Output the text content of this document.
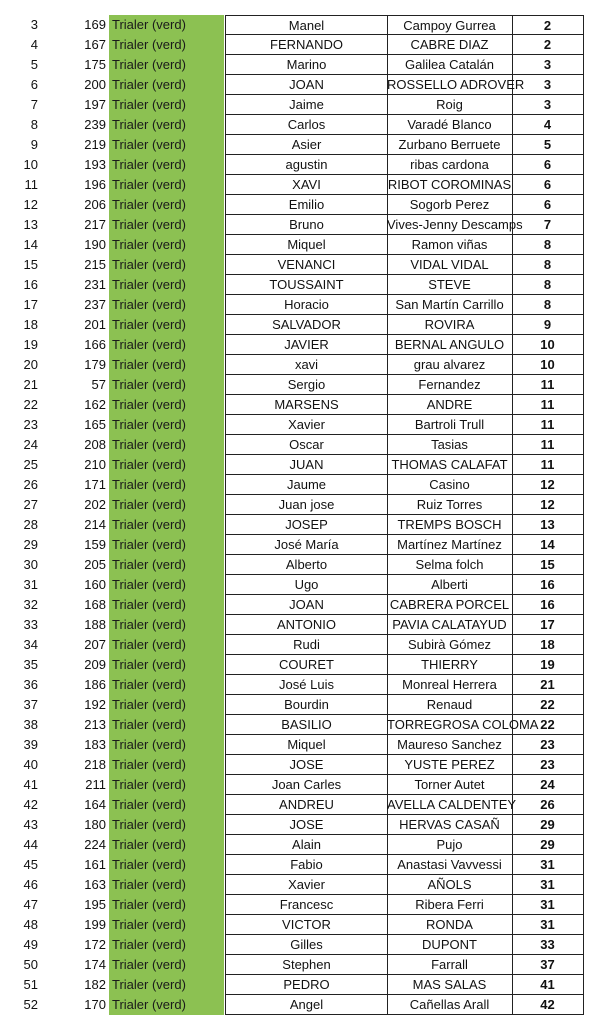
3	169 Trialer (verd)	Manel	Campoy Gurrea	2
4	167 Trialer (verd)	FERNANDO	CABRE DIAZ	2
5	175 Trialer (verd)	Marino	Galilea Catalán	3
6	200 Trialer (verd)	JOAN	ROSSELLO ADROVER	3
7	197 Trialer (verd)	Jaime	Roig	3
8	239 Trialer (verd)	Carlos	Varadé Blanco	4
9	219 Trialer (verd)	Asier	Zurbano Berruete	5
10	193 Trialer (verd)	agustin	ribas cardona	6
11	196 Trialer (verd)	XAVI	RIBOT COROMINAS	6
12	206 Trialer (verd)	Emilio	Sogorb Perez	6
13	217 Trialer (verd)	Bruno	Vives-Jenny Descamps	7
14	190 Trialer (verd)	Miquel	Ramon viñas	8
15	215 Trialer (verd)	VENANCI	VIDAL VIDAL	8
16	231 Trialer (verd)	TOUSSAINT	STEVE	8
17	237 Trialer (verd)	Horacio	San Martín Carrillo	8
18	201 Trialer (verd)	SALVADOR	ROVIRA	9
19	166 Trialer (verd)	JAVIER	BERNAL ANGULO	10
20	179 Trialer (verd)	xavi	grau alvarez	10
21	57 Trialer (verd)	Sergio	Fernandez	11
22	162 Trialer (verd)	MARSENS	ANDRE	11
23	165 Trialer (verd)	Xavier	Bartroli Trull	11
24	208 Trialer (verd)	Oscar	Tasias	11
25	210 Trialer (verd)	JUAN	THOMAS CALAFAT	11
26	171 Trialer (verd)	Jaume	Casino	12
27	202 Trialer (verd)	Juan jose	Ruiz Torres	12
28	214 Trialer (verd)	JOSEP	TREMPS BOSCH	13
29	159 Trialer (verd)	José María	Martínez Martínez	14
30	205 Trialer (verd)	Alberto	Selma folch	15
31	160 Trialer (verd)	Ugo	Alberti	16
32	168 Trialer (verd)	JOAN	CABRERA PORCEL	16
33	188 Trialer (verd)	ANTONIO	PAVIA CALATAYUD	17
34	207 Trialer (verd)	Rudi	Subirà Gómez	18
35	209 Trialer (verd)	COURET	THIERRY	19
36	186 Trialer (verd)	José Luis	Monreal Herrera	21
37	192 Trialer (verd)	Bourdin	Renaud	22
38	213 Trialer (verd)	BASILIO	TORREGROSA COLOMA 22
39	183 Trialer (verd)	Miquel	Maureso Sanchez	23
40	218 Trialer (verd)	JOSE	YUSTE PEREZ	23
41	211 Trialer (verd)	Joan Carles	Torner Autet	24
42	164 Trialer (verd)	ANDREU	AVELLA CALDENTEY	26
43	180 Trialer (verd)	JOSE	HERVAS CASAÑ	29
44	224 Trialer (verd)	Alain	Pujo	29
45	161 Trialer (verd)	Fabio	Anastasi Vavvessi	31
46	163 Trialer (verd)	Xavier	AÑOLS	31
47	195 Trialer (verd)	Francesc	Ribera Ferri	31
48	199 Trialer (verd)	VICTOR	RONDA	31
49	172 Trialer (verd)	Gilles	DUPONT	33
50	174 Trialer (verd)	Stephen	Farrall	37
51	182 Trialer (verd)	PEDRO	MAS SALAS	41
52	170 Trialer (verd)	Angel	Cañellas Arall	42
